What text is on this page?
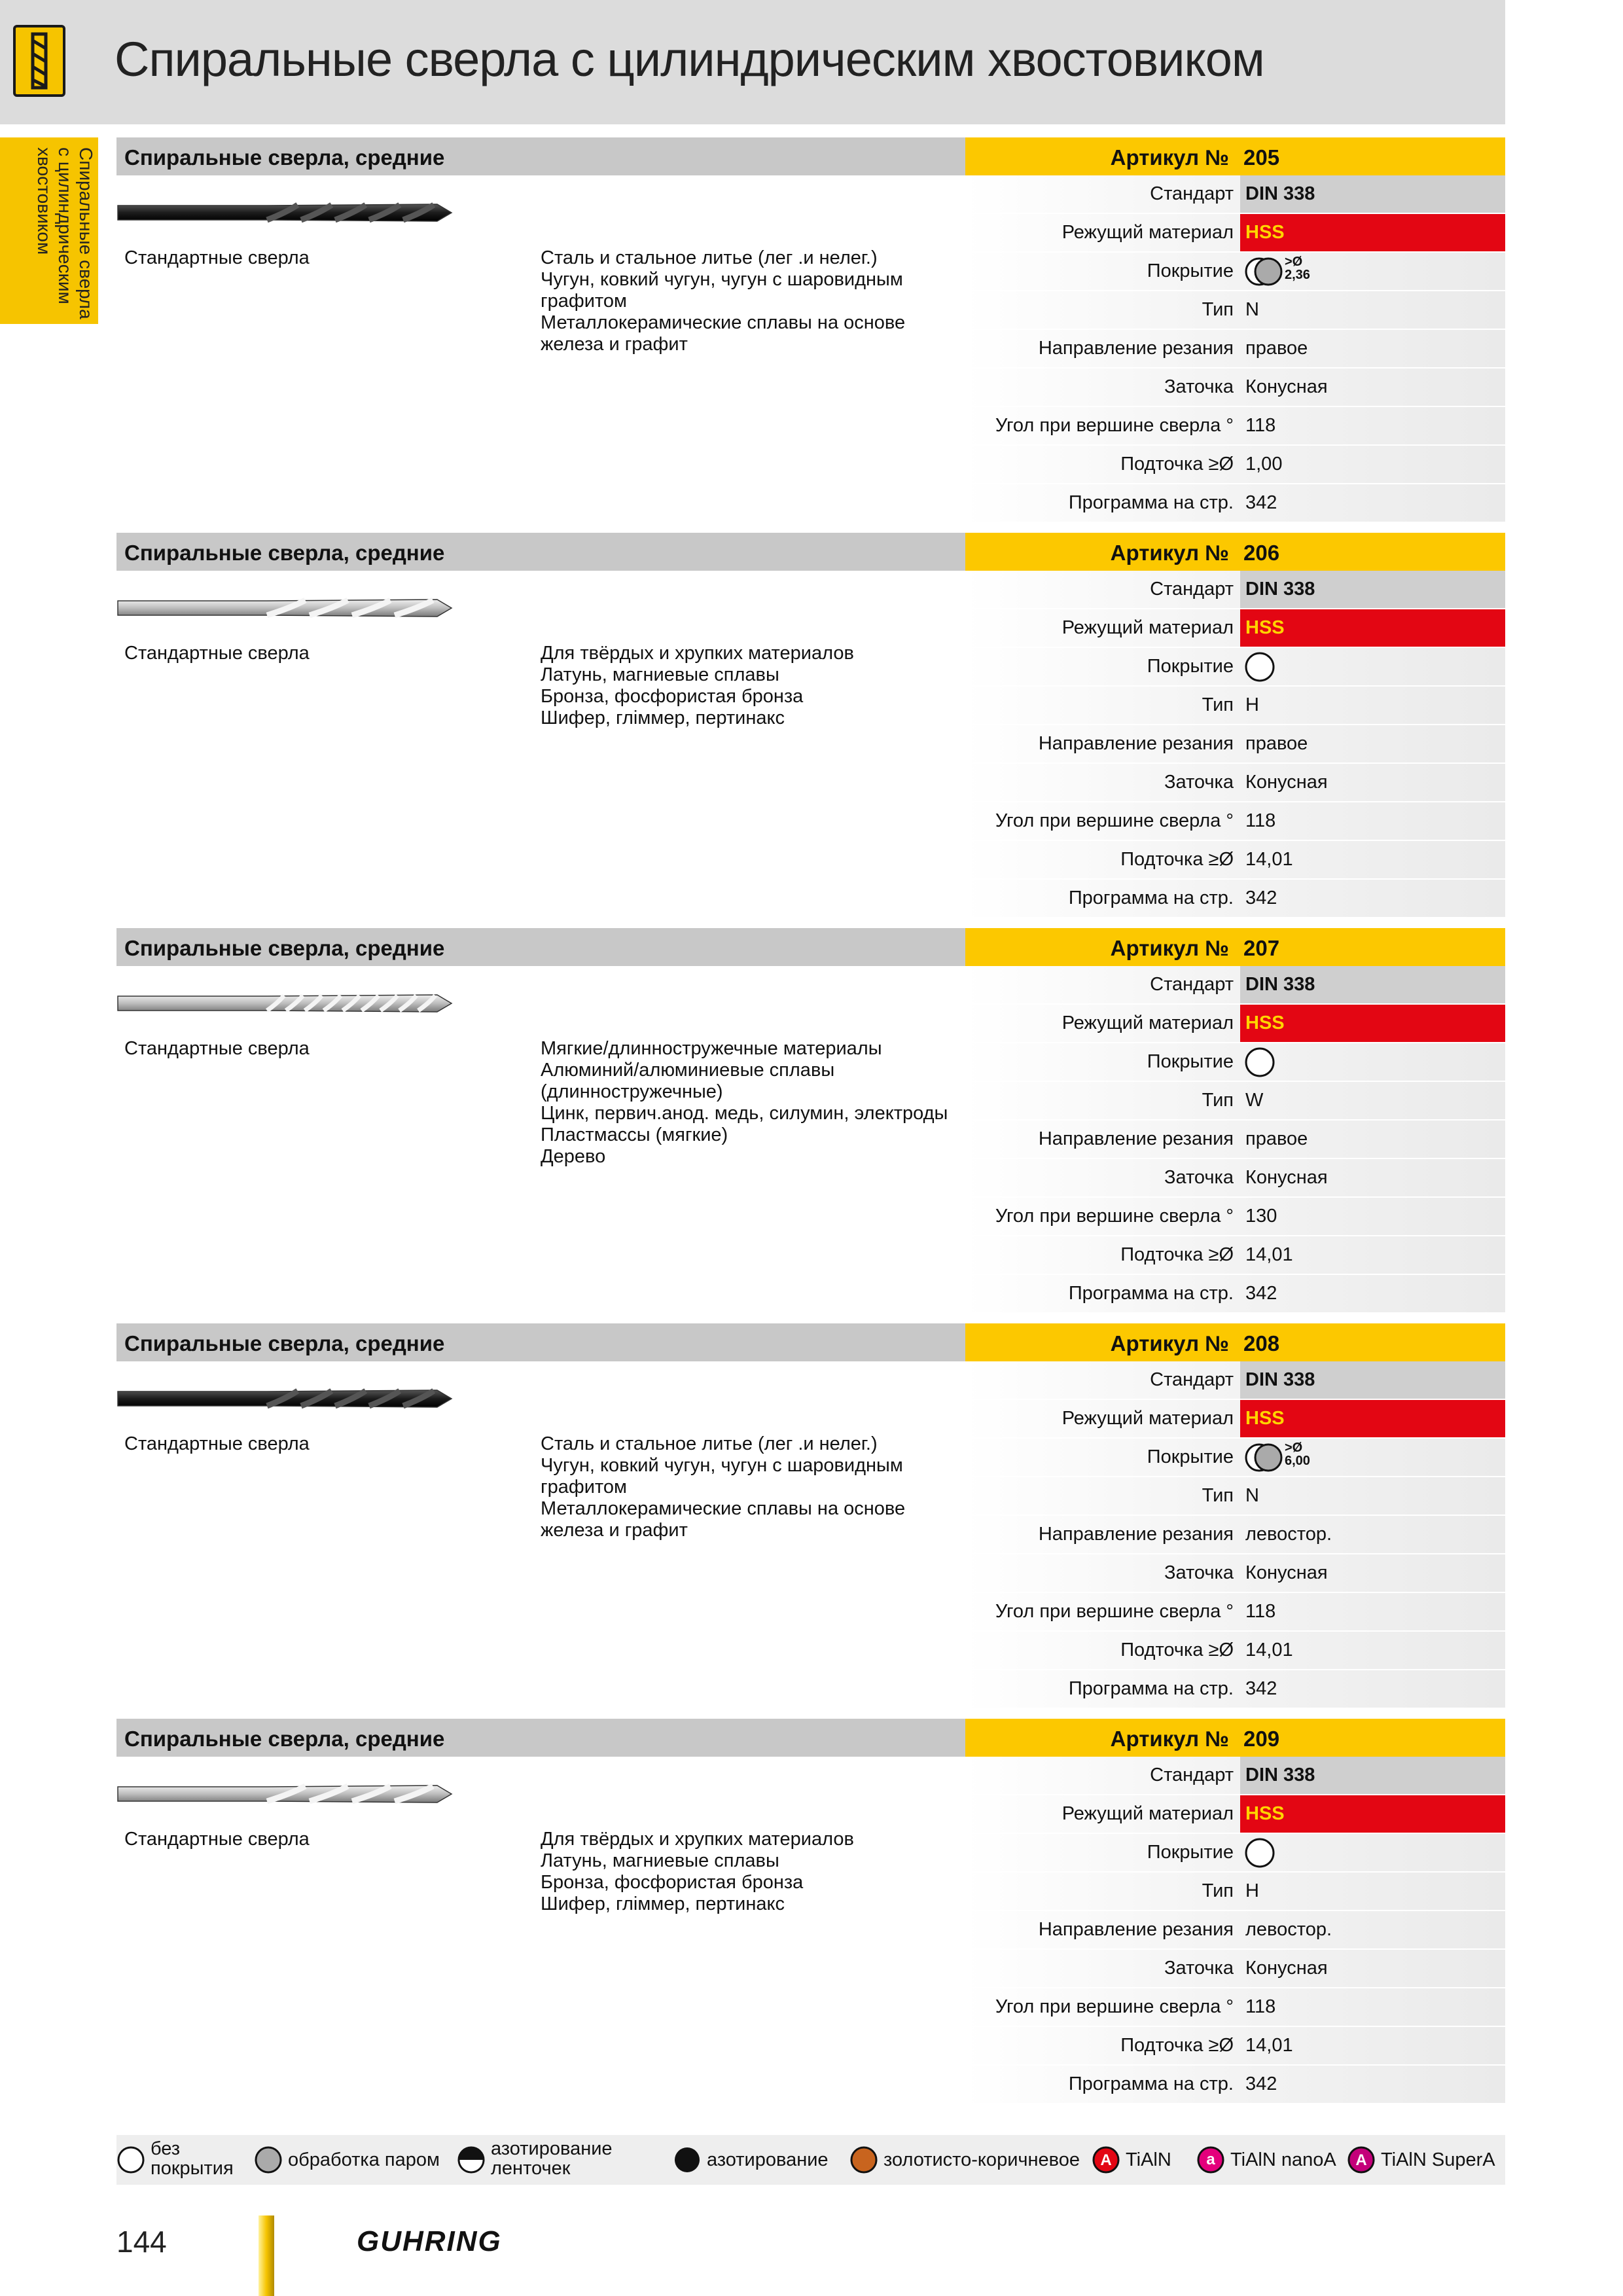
Спиральные сверла с цилиндрическим хвостовиком
Спиральные сверла
с цилиндрическим
хвостовиком	Спиральные сверла, средние	Артикул № 205
Стандартные сверла	Сталь и стальное литье (лег .и нелег.)
Чугун, ковкий чугун, чугун с шаровидным
графитом
Металлокерамические сплавы на основе
железа и графит
Стандарт DIN 338
Режущий материал HSS
Покрытие	>Ø
2,36
Тип N
Направление резания правое
Заточка Конусная
Угол при вершине сверла ° 118
Подточка ≥Ø 1,00
Программа на стр. 342
Спиральные сверла, средние	Артикул № 206
Стандартные сверла	Для твёрдых и хрупких материалов
Латунь, магниевые сплавы
Бронза, фосфористая бронза
Шифер, гліммер, пертинакс
Стандарт DIN 338
Режущий материал HSS
Покрытие
Тип H
Направление резания правое
Заточка Конусная
Угол при вершине сверла ° 118
Подточка ≥Ø 14,01
Программа на стр. 342
Спиральные сверла, средние	Артикул № 207
Стандартные сверла	Мягкие/длинностружечные материалы
Алюминий/алюминиевые сплавы
(длинностружечные)
Цинк, первич.анод. медь, силумин, электроды
Пластмассы (мягкие)
Дерево
Стандарт DIN 338
Режущий материал HSS
Покрытие
Тип W
Направление резания правое
Заточка Конусная
Угол при вершине сверла ° 130
Подточка ≥Ø 14,01
Программа на стр. 342
Спиральные сверла, средние	Артикул № 208
Стандартные сверла	Сталь и стальное литье (лег .и нелег.)
Чугун, ковкий чугун, чугун с шаровидным
графитом
Металлокерамические сплавы на основе
железа и графит
Стандарт DIN 338
Режущий материал HSS
Покрытие	>Ø
6,00
Тип N
Направление резания левостор.
Заточка Конусная
Угол при вершине сверла ° 118
Подточка ≥Ø 14,01
Программа на стр. 342
Спиральные сверла, средние	Артикул № 209
Стандартные сверла	Для твёрдых и хрупких материалов
Латунь, магниевые сплавы
Бронза, фосфористая бронза
Шифер, гліммер, пертинакс
Стандарт DIN 338
Режущий материал HSS
Покрытие
Тип H
Направление резания левостор.
Заточка Конусная
Угол при вершине сверла ° 118
Подточка ≥Ø 14,01
Программа на стр. 342
без
покрытия	обработка паром
азотирование
ленточек	азотирование	золотисто-коричневое A TiAlN a TiAlN nanoA A TiAlN SuperA
144	GUHRING
